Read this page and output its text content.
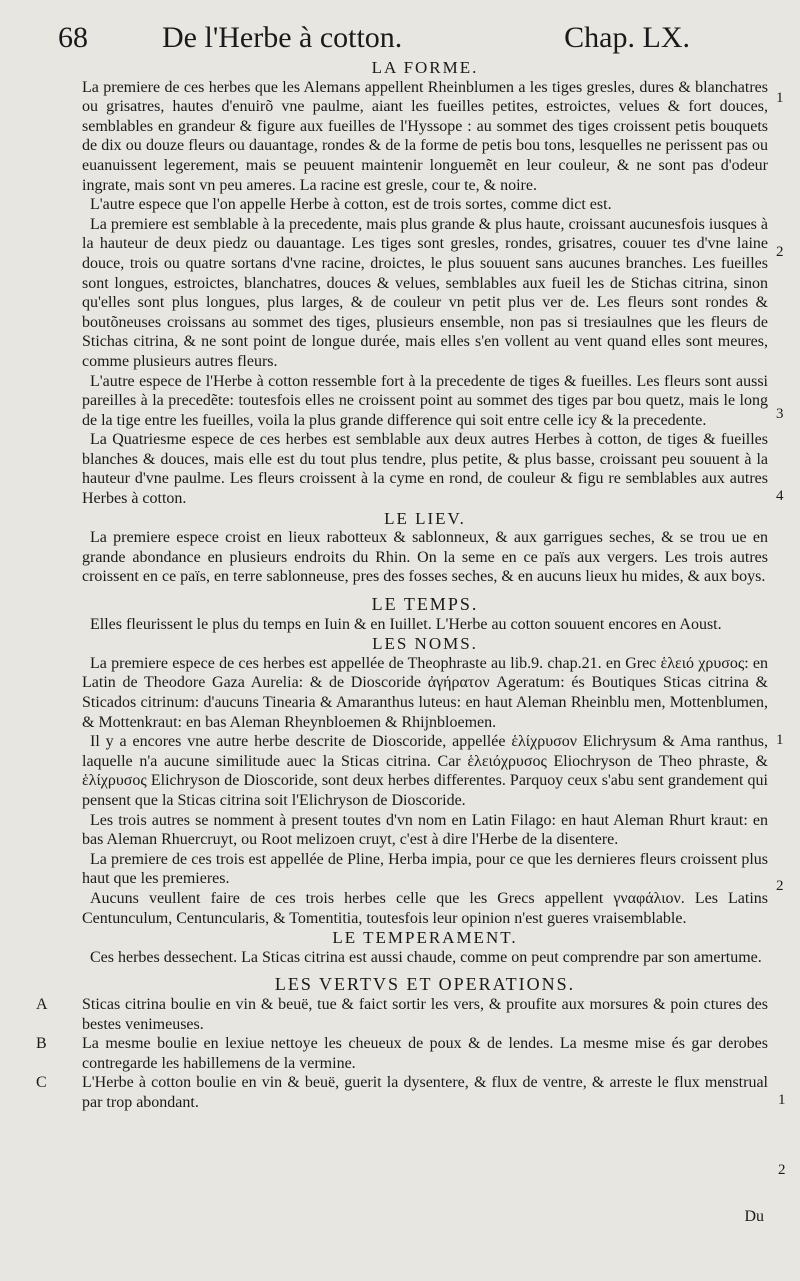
68 De l'Herbe à cotton.	Chap. LX.

LA FORME.

La premiere de ces herbes que les Alemans appellent Rheinblumen a les tiges gresles, dures & blanchatres ou grisatres, hautes d'enuirõ vne paulme, aiant les fueilles petites, estroictes, velues & fort douces, semblables en grandeur & figure aux fueilles de l'Hyssope : au sommet des tiges croissent petis bouquets de dix ou douze fleurs ou dauantage, rondes & de la forme de petis bou tons, lesquelles ne perissent pas ou euanuissent legerement, mais se peuuent maintenir longuemẽt en leur couleur, & ne sont pas d'odeur ingrate, mais sont vn peu ameres. La racine est gresle, cour te, & noire.

L'autre espece que l'on appelle Herbe à cotton, est de trois sortes, comme dict est.

La premiere est semblable à la precedente, mais plus grande & plus haute, croissant aucunesfois iusques à la hauteur de deux piedz ou dauantage. Les tiges sont gresles, rondes, grisatres, couuer tes d'vne laine douce, trois ou quatre sortans d'vne racine, droictes, le plus souuent sans aucunes branches. Les fueilles sont longues, estroictes, blanchatres, douces & velues, semblables aux fueil les de Stichas citrina, sinon qu'elles sont plus longues, plus larges, & de couleur vn petit plus ver de. Les fleurs sont rondes & boutõneuses croissans au sommet des tiges, plusieurs ensemble, non pas si tresiaulnes que les fleurs de Stichas citrina, & ne sont point de longue durée, mais elles s'en vollent au vent quand elles sont meures, comme plusieurs autres fleurs.

L'autre espece de l'Herbe à cotton ressemble fort à la precedente de tiges & fueilles. Les fleurs sont aussi pareilles à la precedẽte: toutesfois elles ne croissent point au sommet des tiges par bou quetz, mais le long de la tige entre les fueilles, voila la plus grande difference qui soit entre celle icy & la precedente.

La Quatriesme espece de ces herbes est semblable aux deux autres Herbes à cotton, de tiges & fueilles blanches & douces, mais elle est du tout plus tendre, plus petite, & plus basse, croissant peu souuent à la hauteur d'vne paulme. Les fleurs croissent à la cyme en rond, de couleur & figu re semblables aux autres Herbes à cotton.

LE LIEV.

La premiere espece croist en lieux rabotteux & sablonneux, & aux garrigues seches, & se trou ue en grande abondance en plusieurs endroits du Rhin. On la seme en ce païs aux vergers. Les trois autres croissent en ce païs, en terre sablonneuse, pres des fosses seches, & en aucuns lieux hu mides, & aux boys.

LE TEMPS.

Elles fleurissent le plus du temps en Iuin & en Iuillet. L'Herbe au cotton souuent encores en Aoust.

LES NOMS.

La premiere espece de ces herbes est appellée de Theophraste au lib.9. chap.21. en Grec ἑλειό χρυσος: en Latin de Theodore Gaza Aurelia: & de Dioscoride ἀγήρατον Ageratum: és Boutiques Sticas citrina & Sticados citrinum: d'aucuns Tinearia & Amaranthus luteus: en haut Aleman Rheinblu men, Mottenblumen, & Mottenkraut: en bas Aleman Rheynbloemen & Rhijnbloemen.

Il y a encores vne autre herbe descrite de Dioscoride, appellée ἑλίχρυσον Elichrysum & Ama ranthus, laquelle n'a aucune similitude auec la Sticas citrina. Car ἑλειόχρυσος Eliochryson de Theo phraste, & ἑλίχρυσος Elichryson de Dioscoride, sont deux herbes differentes. Parquoy ceux s'abu sent grandement qui pensent que la Sticas citrina soit l'Elichryson de Dioscoride.

Les trois autres se nomment à present toutes d'vn nom en Latin Filago: en haut Aleman Rhurt kraut: en bas Aleman Rhuercruyt, ou Root melizoen cruyt, c'est à dire l'Herbe de la disentere.

La premiere de ces trois est appellée de Pline, Herba impia, pour ce que les dernieres fleurs croissent plus haut que les premieres.

Aucuns veullent faire de ces trois herbes celle que les Grecs appellent γναφάλιον. Les Latins Centunculum, Centuncularis, & Tomentitia, toutesfois leur opinion n'est gueres vraisemblable.

LE TEMPERAMENT.

Ces herbes dessechent. La Sticas citrina est aussi chaude, comme on peut comprendre par son amertume.

LES VERTVS ET OPERATIONS.

A Sticas citrina boulie en vin & beuë, tue & faict sortir les vers, & proufite aux morsures & poin ctures des bestes venimeuses.

B La mesme boulie en lexiue nettoye les cheueux de poux & de lendes. La mesme mise és gar derobes contregarde les habillemens de la vermine.

C L'Herbe à cotton boulie en vin & beuë, guerit la dysentere, & flux de ventre, & arreste le flux menstrual par trop abondant.

1
2
3
4
1
2
1
2
Du
